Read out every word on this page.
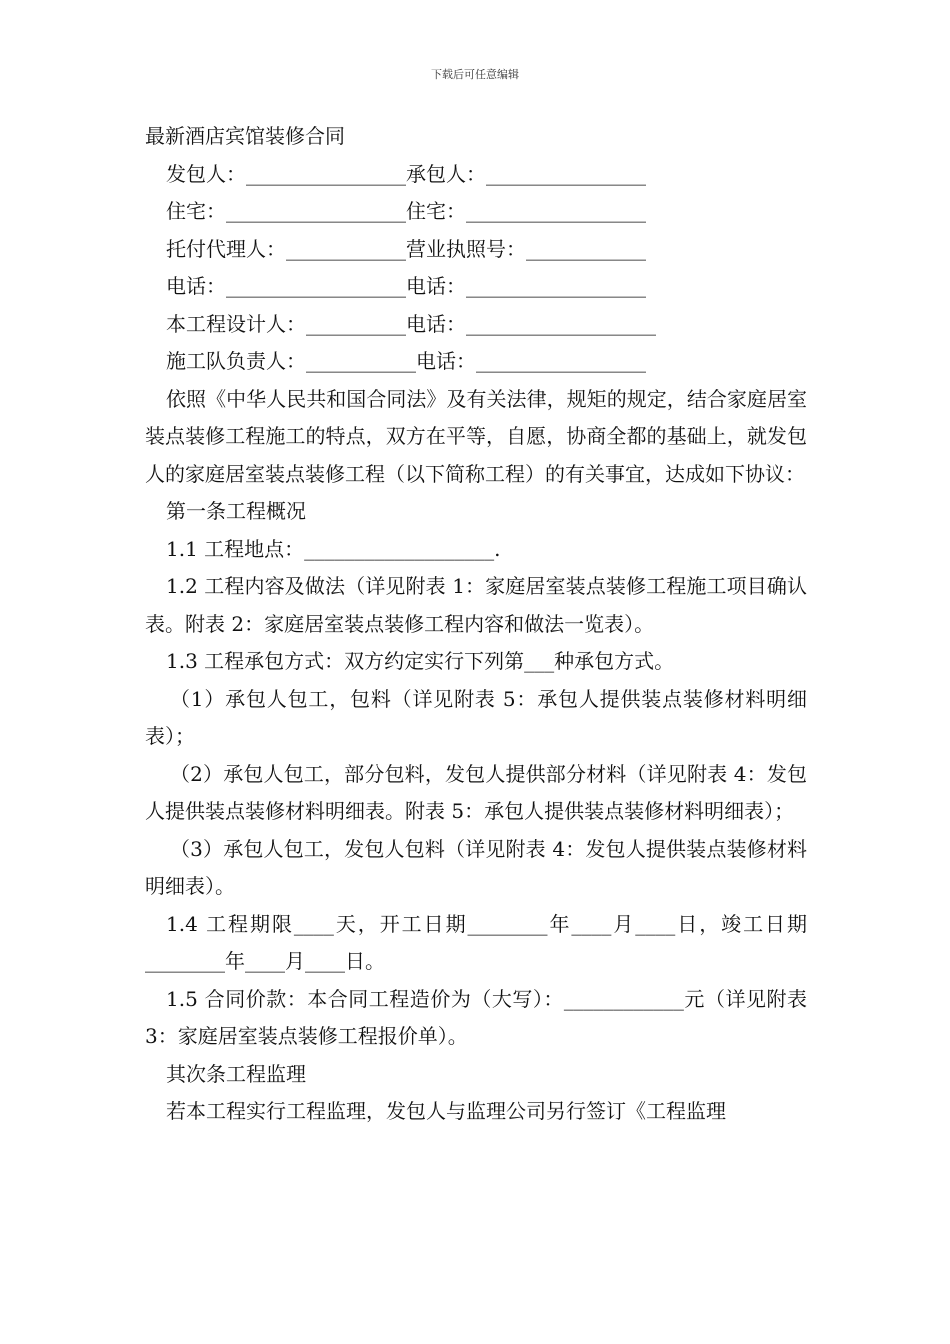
下载后可任意编辑
最新酒店宾馆装修合同
发包人：________________承包人：________________
住宅：__________________住宅：__________________
托付代理人：____________营业执照号：____________
电话：__________________电话：__________________
本工程设计人：__________电话：___________________
施工队负责人：___________电话：_________________
依照《中华人民共和国合同法》及有关法律，规矩的规定，结合家庭居室装点装修工程施工的特点，双方在平等，自愿，协商全都的基础上，就发包人的家庭居室装点装修工程（以下简称工程）的有关事宜，达成如下协议：
第一条工程概况
1.1 工程地点：___________________.
1.2 工程内容及做法（详见附表 1：家庭居室装点装修工程施工项目确认表。附表 2：家庭居室装点装修工程内容和做法一览表）。
1.3 工程承包方式：双方约定实行下列第___种承包方式。
（1）承包人包工，包料（详见附表 5：承包人提供装点装修材料明细表）；
（2）承包人包工，部分包料，发包人提供部分材料（详见附表 4：发包人提供装点装修材料明细表。附表 5：承包人提供装点装修材料明细表）；
（3）承包人包工，发包人包料（详见附表 4：发包人提供装点装修材料明细表）。
1.4 工程期限____天，开工日期________年____月____日，竣工日期________年____月____日。
1.5 合同价款：本合同工程造价为（大写）：____________元（详见附表 3：家庭居室装点装修工程报价单）。
其次条工程监理
若本工程实行工程监理，发包人与监理公司另行签订《工程监理
